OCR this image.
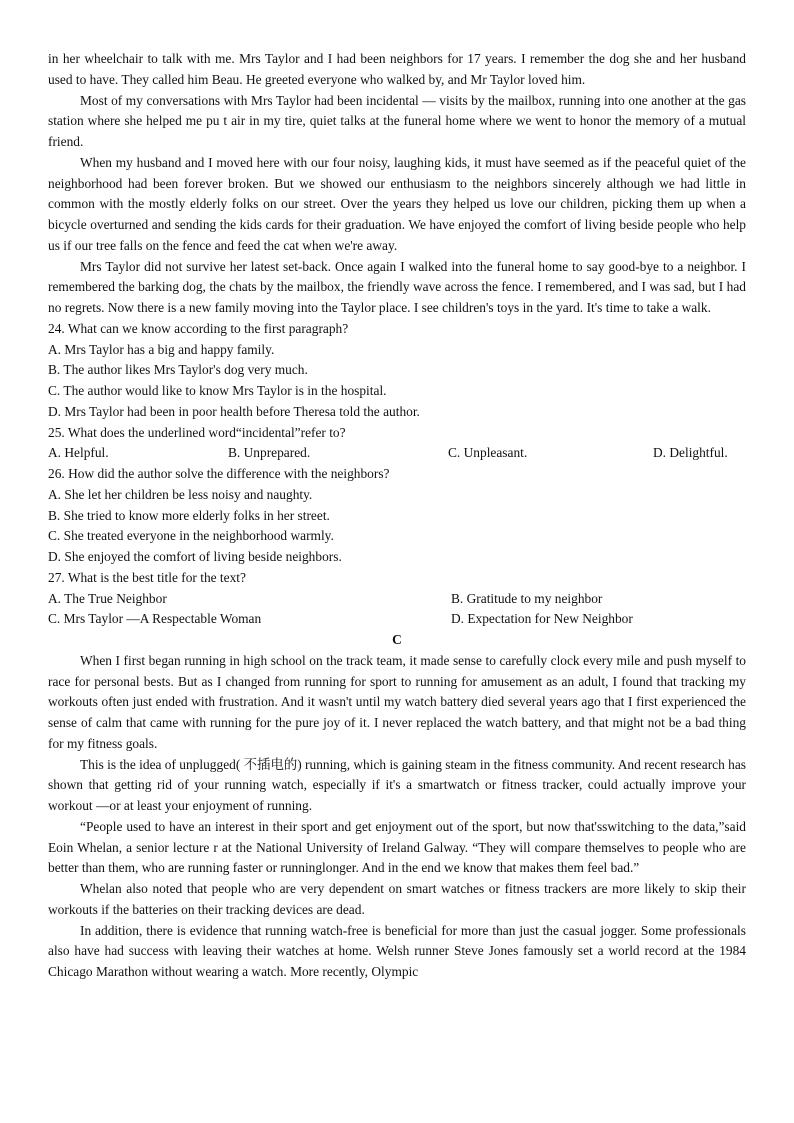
in her wheelchair to talk with me. Mrs Taylor and I had been neighbors for 17 years. I remember the dog she and her husband used to have. They called him Beau. He greeted everyone who walked by, and Mr Taylor loved him.

Most of my conversations with Mrs Taylor had been incidental — visits by the mailbox, running into one another at the gas station where she helped me pu t air in my tire, quiet talks at the funeral home where we went to honor the memory of a mutual friend.

When my husband and I moved here with our four noisy, laughing kids, it must have seemed as if the peaceful quiet of the neighborhood had been forever broken. But we showed our enthusiasm to the neighbors sincerely although we had little in common with the mostly elderly folks on our street. Over the years they helped us love our children, picking them up when a bicycle overturned and sending the kids cards for their graduation. We have enjoyed the comfort of living beside people who help us if our tree falls on the fence and feed the cat when we're away.

Mrs Taylor did not survive her latest set-back. Once again I walked into the funeral home to say good-bye to a neighbor. I remembered the barking dog, the chats by the mailbox, the friendly wave across the fence. I remembered, and I was sad, but I had no regrets. Now there is a new family moving into the Taylor place. I see children's toys in the yard. It's time to take a walk.

24. What can we know according to the first paragraph?
A. Mrs Taylor has a big and happy family.
B. The author likes Mrs Taylor's dog very much.
C. The author would like to know Mrs Taylor is in the hospital.
D. Mrs Taylor had been in poor health before Theresa told the author.
25. What does the underlined word“incidental”refer to?
A. Helpful.	B. Unprepared.	C. Unpleasant.	D. Delightful.
26. How did the author solve the difference with the neighbors?
A. She let her children be less noisy and naughty.
B. She tried to know more elderly folks in her street.
C. She treated everyone in the neighborhood warmly.
D. She enjoyed the comfort of living beside neighbors.
27. What is the best title for the text?
A. The True Neighbor	B. Gratitude to my neighbor
C. Mrs Taylor —A Respectable Woman	D. Expectation for New Neighbor
C

When I first began running in high school on the track team, it made sense to carefully clock every mile and push myself to race for personal bests. But as I changed from running for sport to running for amusement as an adult, I found that tracking my workouts often just ended with frustration. And it wasn't until my watch battery died several years ago that I first experienced the sense of calm that came with running for the pure joy of it. I never replaced the watch battery, and that might not be a bad thing for my fitness goals.

This is the idea of unplugged( 不插电的) running, which is gaining steam in the fitness community. And recent research has shown that getting rid of your running watch, especially if it's a smartwatch or fitness tracker, could actually improve your workout —or at least your enjoyment of running.

“People used to have an interest in their sport and get enjoyment out of the sport, but now that'sswitching to the data,”said Eoin Whelan, a senior lecture r at the National University of Ireland Galway. “They will compare themselves to people who are better than them, who are running faster or runninglonger. And in the end we know that makes them feel bad.”

Whelan also noted that people who are very dependent on smart watches or fitness trackers are more likely to skip their workouts if the batteries on their tracking devices are dead.

In addition, there is evidence that running watch-free is beneficial for more than just the casual jogger. Some professionals also have had success with leaving their watches at home. Welsh runner Steve Jones famously set a world record at the 1984 Chicago Marathon without wearing a watch. More recently, Olympic
